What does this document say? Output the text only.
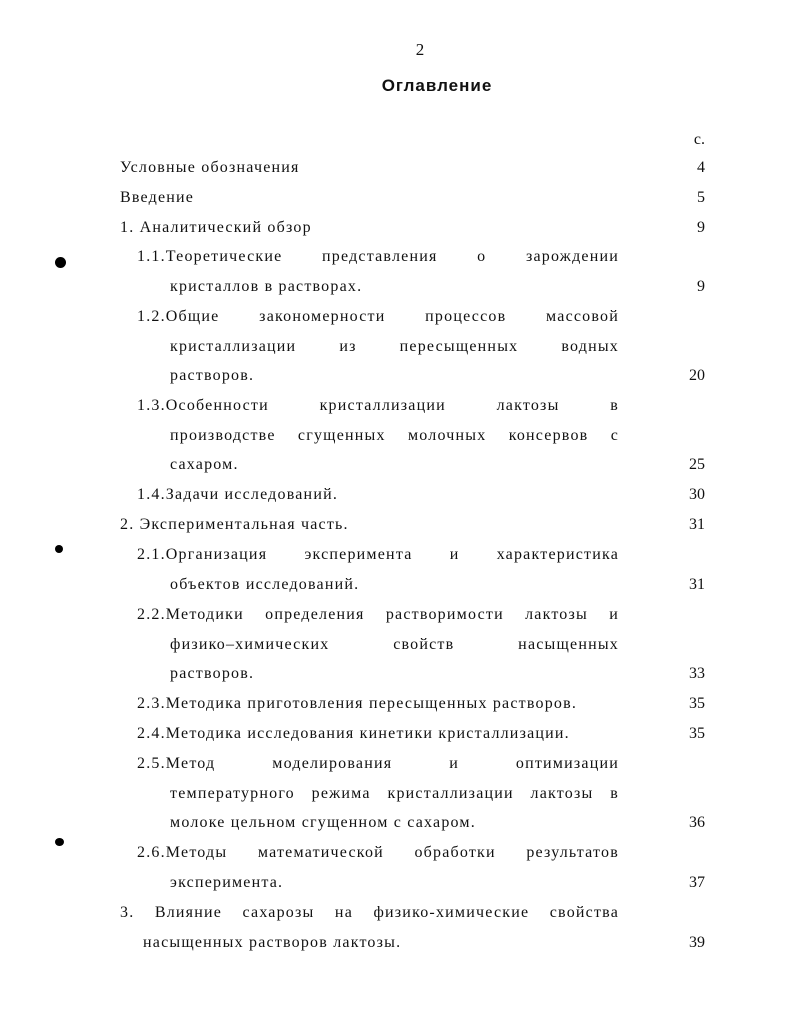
2
Оглавление
с.
Условные обозначения	4
Введение	5
1. Аналитический обзор	9
1.1.Теоретические представления о зарождении
кристаллов в растворах.	9
1.2.Общие закономерности процессов массовой
кристаллизации из пересыщенных водных
растворов.	20
1.3.Особенности кристаллизации лактозы в
производстве сгущенных молочных консервов с
сахаром.	25
1.4.Задачи исследований.	30
2. Экспериментальная часть.	31
2.1.Организация эксперимента и характеристика
объектов исследований.	31
2.2.Методики определения растворимости лактозы и
физико–химических свойств насыщенных
растворов.	33
2.3.Методика приготовления пересыщенных растворов.	35
2.4.Методика исследования кинетики кристаллизации.	35
2.5.Метод моделирования и оптимизации
температурного режима кристаллизации лактозы в
молоке цельном сгущенном с сахаром.	36
2.6.Методы математической обработки результатов
эксперимента.	37
3. Влияние сахарозы на физико-химические свойства
насыщенных растворов лактозы.	39
